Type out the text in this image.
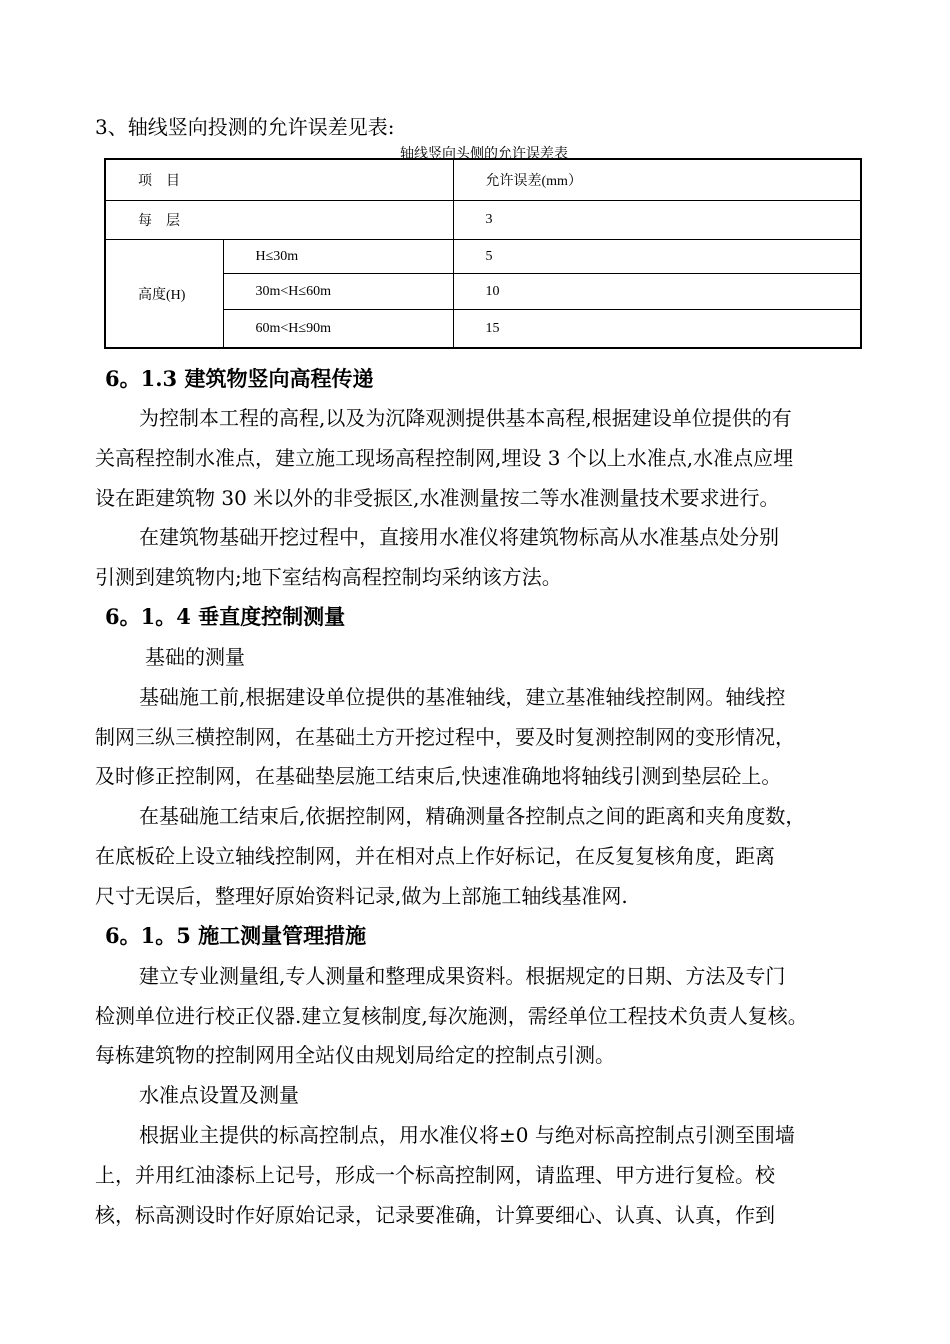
3、轴线竖向投测的允许误差见表:
轴线竖向头侧的允许误差表
项　目		允许误差(mm）
每　层		3
高度(H)	H≤30m	5
	30m<H≤60m	10
	60m<H≤90m	15
6。1.3 建筑物竖向高程传递
为控制本工程的高程,以及为沉降观测提供基本高程,根据建设单位提供的有
关高程控制水准点，建立施工现场高程控制网,埋设 3 个以上水准点,水准点应埋
设在距建筑物 30 米以外的非受振区,水准测量按二等水准测量技术要求进行。
在建筑物基础开挖过程中，直接用水准仪将建筑物标高从水准基点处分别
引测到建筑物内;地下室结构高程控制均采纳该方法。
6。1。4 垂直度控制测量
基础的测量
基础施工前,根据建设单位提供的基准轴线，建立基准轴线控制网。轴线控
制网三纵三横控制网，在基础土方开挖过程中，要及时复测控制网的变形情况，
及时修正控制网，在基础垫层施工结束后,快速准确地将轴线引测到垫层砼上。
在基础施工结束后,依据控制网，精确测量各控制点之间的距离和夹角度数，
在底板砼上设立轴线控制网，并在相对点上作好标记，在反复复核角度，距离
尺寸无误后，整理好原始资料记录,做为上部施工轴线基准网.
6。1。5 施工测量管理措施
建立专业测量组,专人测量和整理成果资料。根据规定的日期、方法及专门
检测单位进行校正仪器.建立复核制度,每次施测，需经单位工程技术负责人复核。
每栋建筑物的控制网用全站仪由规划局给定的控制点引测。
水准点设置及测量
根据业主提供的标高控制点，用水准仪将±0 与绝对标高控制点引测至围墙
上，并用红油漆标上记号，形成一个标高控制网，请监理、甲方进行复检。校
核，标高测设时作好原始记录，记录要准确，计算要细心、认真、认真，作到
